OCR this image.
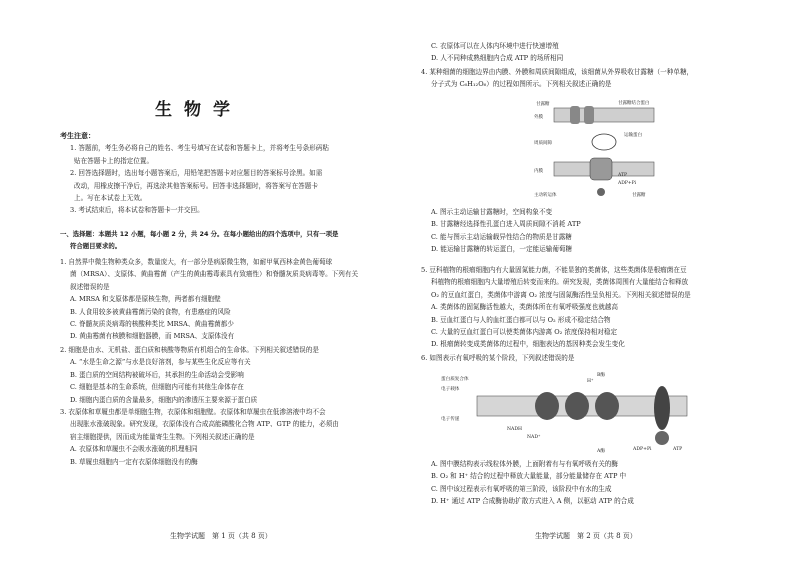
生物学
考生注意：
1. 答题前，考生务必将自己的姓名、考生号填写在试卷和答题卡上，并将考生号条形码粘
贴在答题卡上的指定位置。
2. 回答选择题时，选出每小题答案后，用铅笔把答题卡对应题目的答案标号涂黑。如需
改动，用橡皮擦干净后，再选涂其他答案标号。回答非选择题时，将答案写在答题卡
上。写在本试卷上无效。
3. 考试结束后，将本试卷和答题卡一并交回。
一、选择题：本题共 12 小题，每小题 2 分，共 24 分。在每小题给出的四个选项中，只有一项是
符合题目要求的。
1. 自然界中微生物种类众多，数量庞大，有一部分是病原微生物，如耐甲氧西林金黄色葡萄球
菌（MRSA）、支原体、黄曲霉菌（产生的黄曲霉毒素具有致癌性）和脊髓灰质炎病毒等。下列有关
叙述错误的是
A. MRSA 和支原体都是原核生物，两者都有细胞壁
B. 人食用较多被黄曲霉菌污染的食物，有患癌症的风险
C. 脊髓灰质炎病毒的核酸种类比 MRSA、黄曲霉菌都少
D. 黄曲霉菌有核膜和细胞器膜，而 MRSA、支原体没有
2. 细胞是由水、无机盐、蛋白质和核酸等物质有机组合的生命体。下列相关叙述错误的是
A. “水是生命之源”与水是良好溶剂，参与某些生化反应等有关
B. 蛋白质的空间结构被破坏后，其承担的生命活动会受影响
C. 细胞是基本的生命系统，但细胞内可能有其他生命体存在
D. 细胞内蛋白质的含量最多，细胞内的渗透压主要来源于蛋白质
3. 衣原体和草履虫都是单细胞生物，衣原体和细胞壁。衣原体和草履虫在低渗溶液中均不会
出现胀水涨破现象。研究发现，衣原体没有合成高能磷酸化合物 ATP、GTP 的能力，必须由
宿主细胞提供，因而成为能量寄生生物。下列相关叙述正确的是
A. 衣原体和草履虫不会吸水涨破的机理相同
B. 草履虫细胞内一定有衣原体细胞没有的酶
生物学试题　第 1 页（共 8 页）
C. 衣原体可以在人体内环境中进行快速增殖
D. 人不同种成熟细胞内合成 ATP 的场所相同
4. 某种细菌的细胞边界由内膜、外膜和周质间隙组成，该细菌从外界吸收甘露糖（一种单糖，
分子式为 C₆H₁₂O₆）的过程如图所示。下列相关叙述正确的是
甘露糖
外膜
周质间隙
内膜
主动转运体
甘露糖结合蛋白
运输蛋白
甘露糖
ADP+Pi
ATP
A. 图示主动运输甘露糖时，空间构象不变
B. 甘露糖经选择性孔蛋白进入周质间隙不消耗 ATP
C. 能与图示主动运输载异性结合的物质是甘露糖
D. 能运输甘露糖的转运蛋白，一定能运输葡萄糖
5. 豆科植物的根瘤细胞内有大量固氮能力菌，不能显独的类菌体，这些类菌体是根瘤菌在豆
科植物的根瘤细胞内大量增殖后转变而来的。研究发现，类菌体周围有大量能结合和释放
O₂ 的豆血红蛋白，类菌体中游离 O₂ 浓度与固氮酶活性呈负相关。下列相关叙述错误的是
A. 类菌体的固氮酶活性越大，类菌体所在有氧呼吸强度也就越高
B. 豆血红蛋白与人的血红蛋白都可以与 O₂ 形成不稳定结合物
C. 大量的豆血红蛋白可以使类菌体内游离 O₂ 浓度保持相对稳定
D. 根瘤菌转变成类菌体的过程中，细胞表达的基因种类会发生变化
6. 如图表示有氧呼吸的某个阶段，下列叙述错误的是
蛋白质复合体
电子载体
电子传递
NADH
NAD⁺
H⁺
ADP+Pi	ATP
A酶
B酶
A. 图中膜结构表示线粒体外膜，上面附着有与有氧呼吸有关的酶
B. O₂ 和 H⁺ 结合的过程中释放大量能量，部分能量储存在 ATP 中
C. 图中该过程表示有氧呼吸的第三阶段，该阶段中有水的生成
D. H⁺ 通过 ATP 合成酶协助扩散方式进入 A 侧，以驱动 ATP 的合成
生物学试题　第 2 页（共 8 页）
